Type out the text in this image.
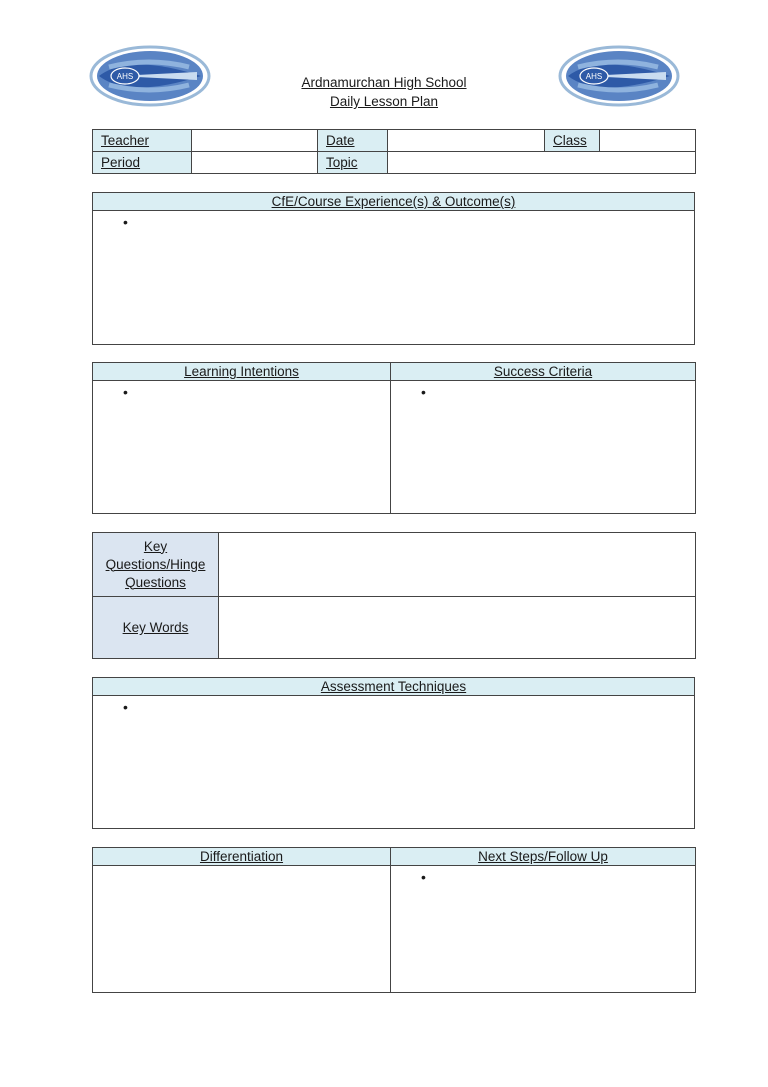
AHS	AHS
Ardnamurchan High School
Daily Lesson Plan
Teacher		Date		Class	
Period		Topic			
CfE/Course Experience(s) & Outcome(s)

•
Learning Intentions	Success Criteria

•	•
Key Questions/Hinge Questions	
Key Words	
Assessment Techniques

•
Differentiation	Next Steps/Follow Up

	•
